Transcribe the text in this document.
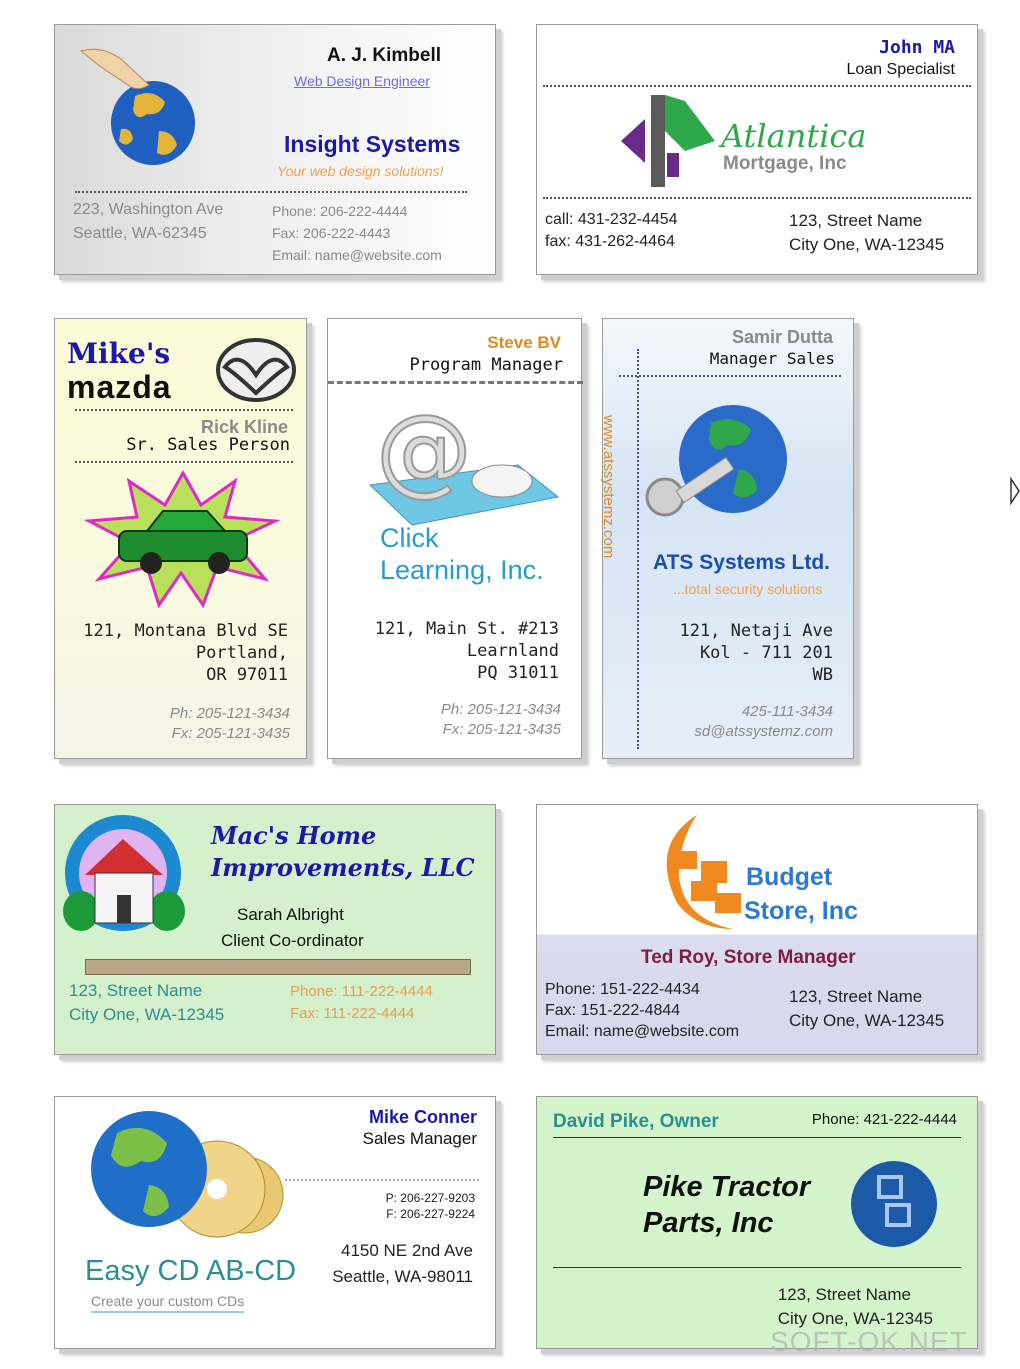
A. J. Kimbell
Web Design Engineer
Insight Systems
Your web design solutions!
223, Washington Ave
Seattle, WA-62345
Phone: 206-222-4444
Fax: 206-222-4443
Email: name@website.com
John MA
Loan Specialist
Atlantica
Mortgage, Inc
call: 431-232-4454
fax: 431-262-4464
123, Street Name
City One, WA-12345
Mike's
mazda
Rick Kline
Sr. Sales Person
121, Montana Blvd SE
Portland,
OR 97011
Ph: 205-121-3434
Fx: 205-121-3435
Steve BV
Program Manager
@
Click
Learning, Inc.
121, Main St. #213
Learnland
PQ 31011
Ph: 205-121-3434
Fx: 205-121-3435
Samir Dutta
Manager Sales
www.atssystemz.com
ATS Systems Ltd.
...total security solutions
121, Netaji Ave
Kol - 711 201
WB
425-111-3434
sd@atssystemz.com
Mac's Home
Improvements, LLC
Sarah Albright
Client Co-ordinator
123, Street Name
City One, WA-12345
Phone: 111-222-4444
Fax: 111-222-4444
Budget
Store, Inc
Ted Roy, Store Manager
Phone: 151-222-4434
Fax: 151-222-4844
Email: name@website.com
123, Street Name
City One, WA-12345
Mike Conner
Sales Manager
P: 206-227-9203
F: 206-227-9224
4150 NE 2nd Ave
Seattle, WA-98011
Easy CD AB-CD
Create your custom CDs
David Pike, Owner	Phone: 421-222-4444
Pike Tractor
Parts, Inc
123, Street Name
City One, WA-12345
SOFT-OK.NET
